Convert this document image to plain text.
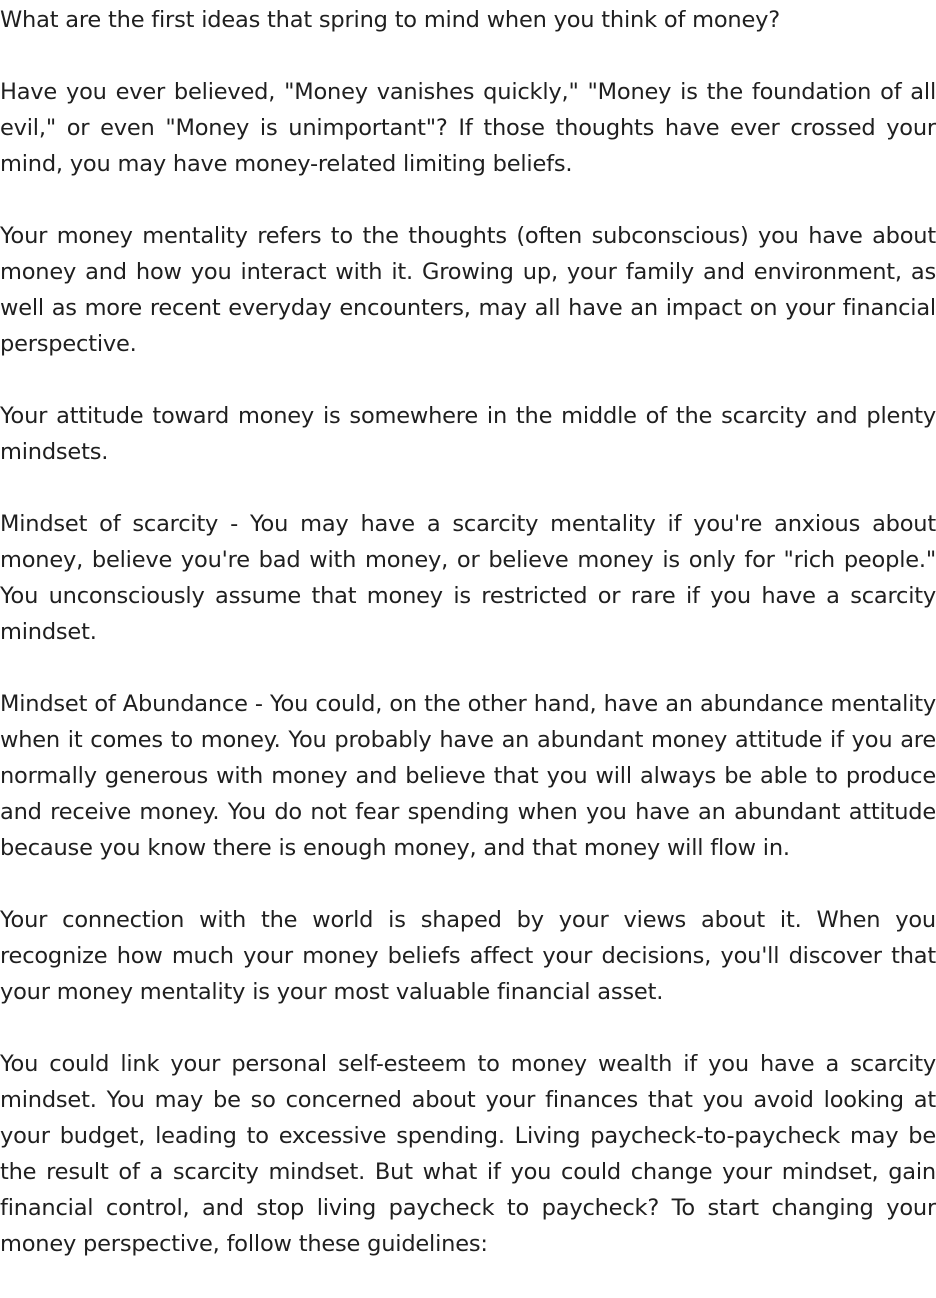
What are the first ideas that spring to mind when you think of money?

Have you ever believed, "Money vanishes quickly," "Money is the foundation of all evil," or even "Money is unimportant"? If those thoughts have ever crossed your mind, you may have money-related limiting beliefs.

Your money mentality refers to the thoughts (often subconscious) you have about money and how you interact with it. Growing up, your family and environment, as well as more recent everyday encounters, may all have an impact on your financial perspective.

Your attitude toward money is somewhere in the middle of the scarcity and plenty mindsets.

Mindset of scarcity - You may have a scarcity mentality if you're anxious about money, believe you're bad with money, or believe money is only for "rich people." You unconsciously assume that money is restricted or rare if you have a scarcity mindset.

Mindset of Abundance - You could, on the other hand, have an abundance mentality when it comes to money. You probably have an abundant money attitude if you are normally generous with money and believe that you will always be able to produce and receive money. You do not fear spending when you have an abundant attitude because you know there is enough money, and that money will flow in.

Your connection with the world is shaped by your views about it. When you recognize how much your money beliefs affect your decisions, you'll discover that your money mentality is your most valuable financial asset.

You could link your personal self-esteem to money wealth if you have a scarcity mindset. You may be so concerned about your finances that you avoid looking at your budget, leading to excessive spending. Living paycheck-to-paycheck may be the result of a scarcity mindset. But what if you could change your mindset, gain financial control, and stop living paycheck to paycheck? To start changing your money perspective, follow these guidelines:
